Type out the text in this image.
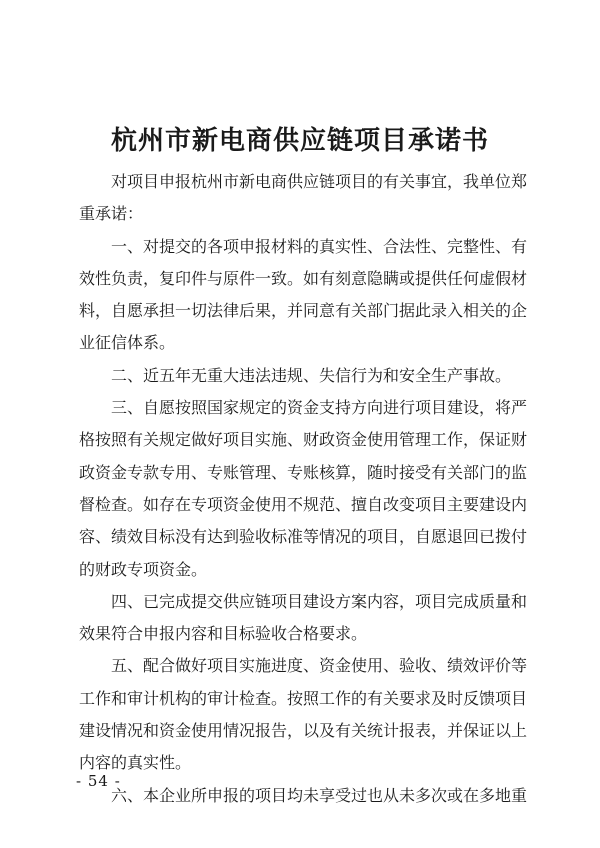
杭州市新电商供应链项目承诺书

对项目申报杭州市新电商供应链项目的有关事宜，我单位郑重承诺：

一、对提交的各项申报材料的真实性、合法性、完整性、有效性负责，复印件与原件一致。如有刻意隐瞒或提供任何虚假材料，自愿承担一切法律后果，并同意有关部门据此录入相关的企业征信体系。

二、近五年无重大违法违规、失信行为和安全生产事故。

三、自愿按照国家规定的资金支持方向进行项目建设，将严格按照有关规定做好项目实施、财政资金使用管理工作，保证财政资金专款专用、专账管理、专账核算，随时接受有关部门的监督检查。如存在专项资金使用不规范、擅自改变项目主要建设内容、绩效目标没有达到验收标准等情况的项目，自愿退回已拨付的财政专项资金。

四、已完成提交供应链项目建设方案内容，项目完成质量和效果符合申报内容和目标验收合格要求。

五、配合做好项目实施进度、资金使用、验收、绩效评价等工作和审计机构的审计检查。按照工作的有关要求及时反馈项目建设情况和资金使用情况报告，以及有关统计报表，并保证以上内容的真实性。

六、本企业所申报的项目均未享受过也从未多次或在多地重

- 54 -
